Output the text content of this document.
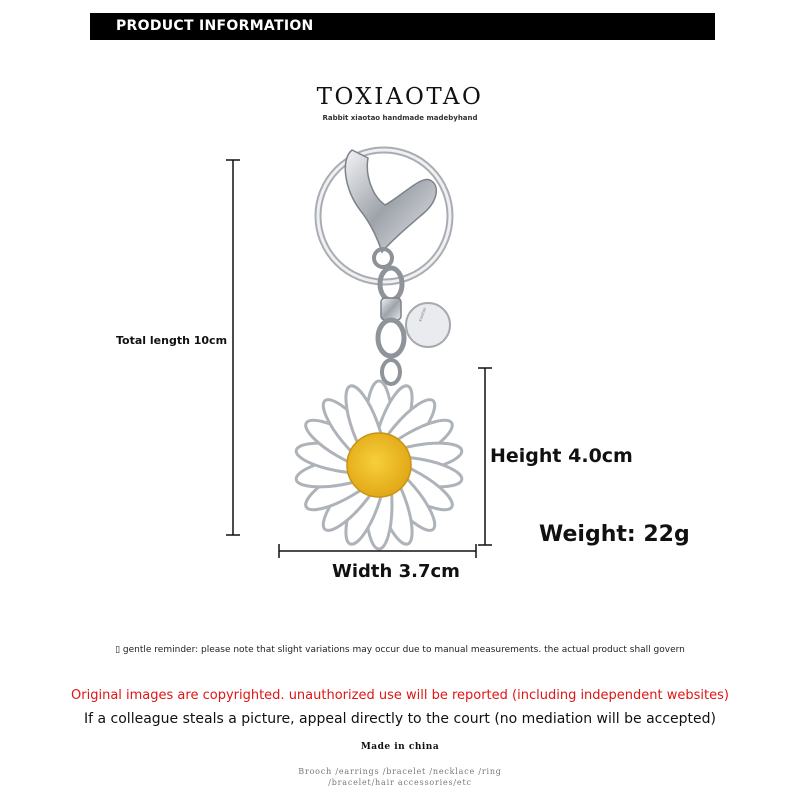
PRODUCT INFORMATION
TOXIAOTAO
Rabbit xiaotao handmade madebyhand
xiaotao
Total length 10cm
Height 4.0cm
Width 3.7cm
Weight: 22g
▯ gentle reminder: please note that slight variations may occur due to manual measurements. the actual product shall govern
Original images are copyrighted. unauthorized use will be reported (including independent websites)
If a colleague steals a picture, appeal directly to the court (no mediation will be accepted)
Made in china
Brooch /earrings /bracelet /necklace /ring
/bracelet/hair accessories/etc
